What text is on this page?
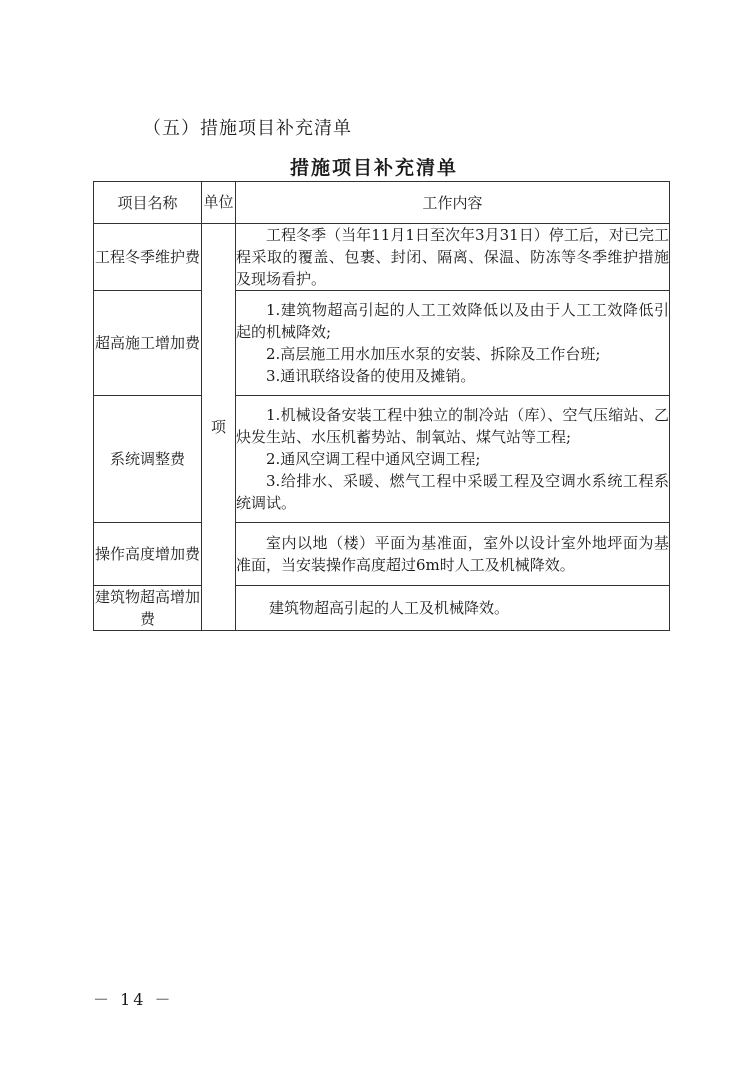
（五）措施项目补充清单
措施项目补充清单
项目名称	单位	工作内容
工程冬季维护费	项	工程冬季（当年11月1日至次年3月31日）停工后，对已完工程采取的覆盖、包裹、封闭、隔离、保温、防冻等冬季维护措施及现场看护。

超高施工增加费		1.建筑物超高引起的人工工效降低以及由于人工工效降低引起的机械降效;
2.高层施工用水加压水泵的安装、拆除及工作台班;
3.通讯联络设备的使用及摊销。

系统调整费		1.机械设备安装工程中独立的制冷站（库）、空气压缩站、乙炔发生站、水压机蓄势站、制氧站、煤气站等工程;
2.通风空调工程中通风空调工程;
3.给排水、采暖、燃气工程中采暖工程及空调水系统工程系统调试。

操作高度增加费		室内以地（楼）平面为基准面，室外以设计室外地坪面为基准面，当安装操作高度超过6m时人工及机械降效。

建筑物超高增加费		建筑物超高引起的人工及机械降效。
－ 14 －
